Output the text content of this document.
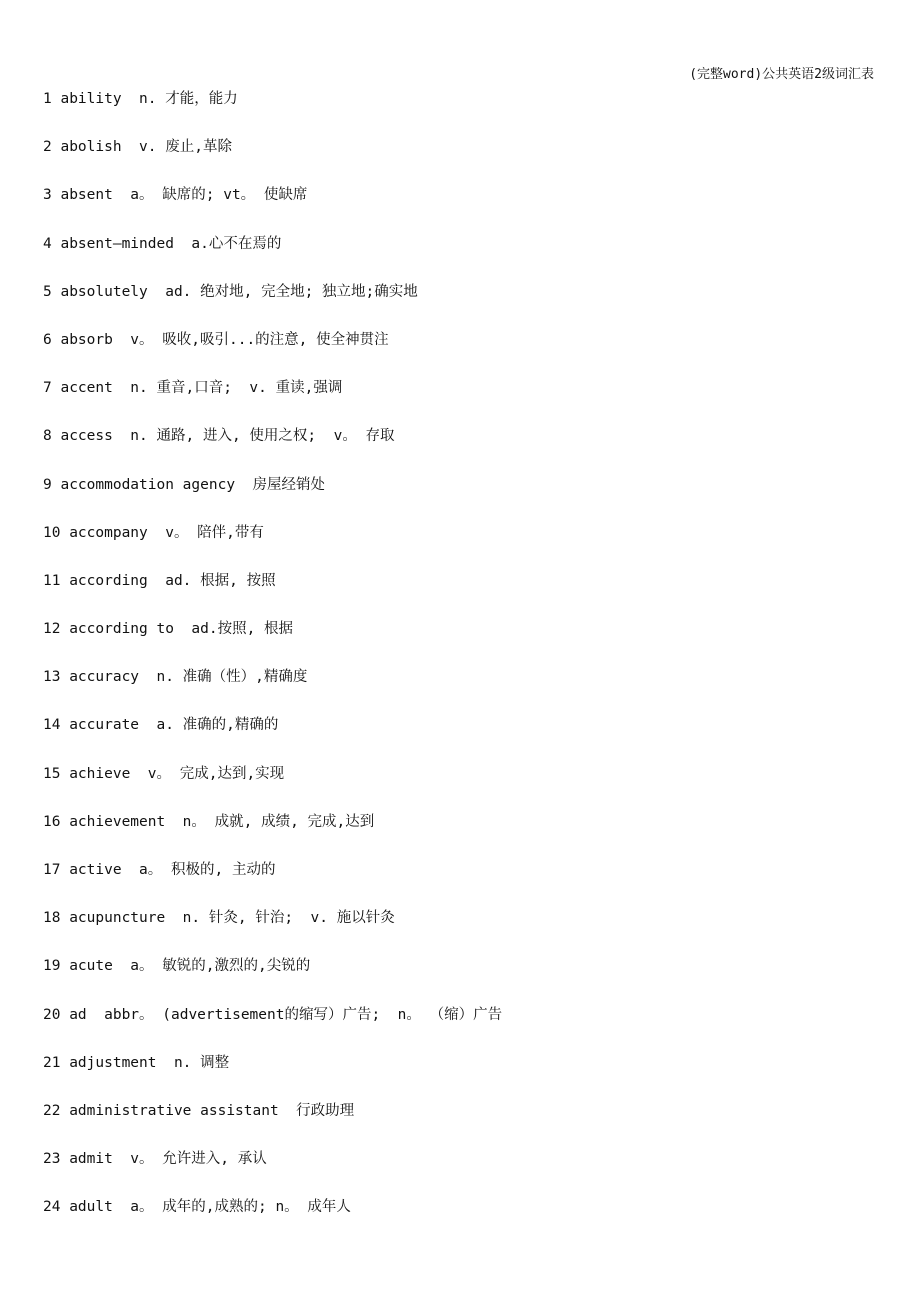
(完整word)公共英语2级词汇表
1 ability  n. 才能，能力
2 abolish  v. 废止,革除
3 absent  a。 缺席的; vt。 使缺席
4 absent—minded  a.心不在焉的
5 absolutely  ad. 绝对地, 完全地; 独立地;确实地
6 absorb  v。 吸收,吸引...的注意, 使全神贯注
7 accent  n. 重音,口音;  v. 重读,强调
8 access  n. 通路, 进入, 使用之权;  v。 存取
9 accommodation agency  房屋经销处
10 accompany  v。 陪伴,带有
11 according  ad. 根据, 按照
12 according to  ad.按照, 根据
13 accuracy  n. 准确（性）,精确度
14 accurate  a. 准确的,精确的
15 achieve  v。 完成,达到,实现
16 achievement  n。 成就, 成绩, 完成,达到
17 active  a。 积极的, 主动的
18 acupuncture  n. 针灸, 针治;  v. 施以针灸
19 acute  a。 敏锐的,激烈的,尖锐的
20 ad  abbr。 (advertisement的缩写）广告;  n。 （缩）广告
21 adjustment  n. 调整
22 administrative assistant  行政助理
23 admit  v。 允许进入, 承认
24 adult  a。 成年的,成熟的; n。 成年人
